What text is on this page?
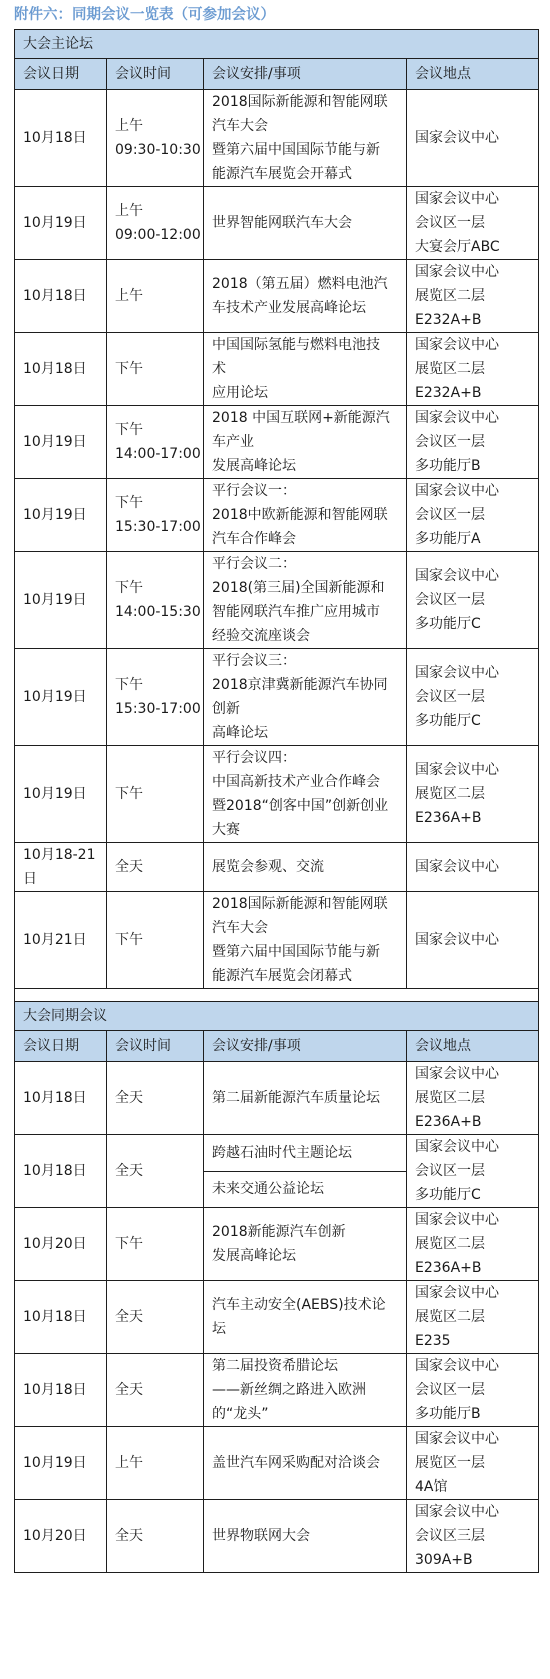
附件六：同期会议一览表（可参加会议）
大会主论坛			
会议日期	会议时间	会议安排/事项	会议地点

10月18日	上午
09:30-10:30	2018国际新能源和智能网联
汽车大会
暨第六届中国国际节能与新
能源汽车展览会开幕式	国家会议中心

10月19日	上午
09:00-12:00	世界智能网联汽车大会	国家会议中心
会议区一层
大宴会厅ABC

10月18日	上午	2018（第五届）燃料电池汽
车技术产业发展高峰论坛	国家会议中心
展览区二层
E232A+B

10月18日	下午	中国国际氢能与燃料电池技
术
应用论坛	国家会议中心
展览区二层
E232A+B

10月19日	下午
14:00-17:00	2018 中国互联网+新能源汽
车产业
发展高峰论坛	国家会议中心
会议区一层
多功能厅B

10月19日	下午
15:30-17:00	平行会议一：
2018中欧新能源和智能网联
汽车合作峰会	国家会议中心
会议区一层
多功能厅A

10月19日	下午
14:00-15:30	平行会议二：
2018(第三届)全国新能源和
智能网联汽车推广应用城市
经验交流座谈会	国家会议中心
会议区一层
多功能厅C

10月19日	下午
15:30-17:00	平行会议三：
2018京津冀新能源汽车协同
创新
高峰论坛	国家会议中心
会议区一层
多功能厅C

10月19日	下午	平行会议四：
中国高新技术产业合作峰会
暨2018“创客中国”创新创业
大赛	国家会议中心
展览区二层
E236A+B

10月18-21
日	全天	展览会参观、交流	国家会议中心

10月21日	下午	2018国际新能源和智能网联
汽车大会
暨第六届中国国际节能与新
能源汽车展览会闭幕式	国家会议中心

大会同期会议			
会议日期	会议时间	会议安排/事项	会议地点

10月18日	全天	第二届新能源汽车质量论坛	国家会议中心
展览区二层
E236A+B

10月18日	全天	跨越石油时代主题论坛	国家会议中心
会议区一层
多功能厅C

		未来交通公益论坛	

10月20日	下午	2018新能源汽车创新
发展高峰论坛	国家会议中心
展览区二层
E236A+B

10月18日	全天	汽车主动安全(AEBS)技术论
坛	国家会议中心
展览区二层
E235

10月18日	全天	第二届投资希腊论坛
——新丝绸之路进入欧洲
的“龙头”	国家会议中心
会议区一层
多功能厅B

10月19日	上午	盖世汽车网采购配对洽谈会	国家会议中心
展览区一层
4A馆

10月20日	全天	世界物联网大会	国家会议中心
会议区三层
309A+B
